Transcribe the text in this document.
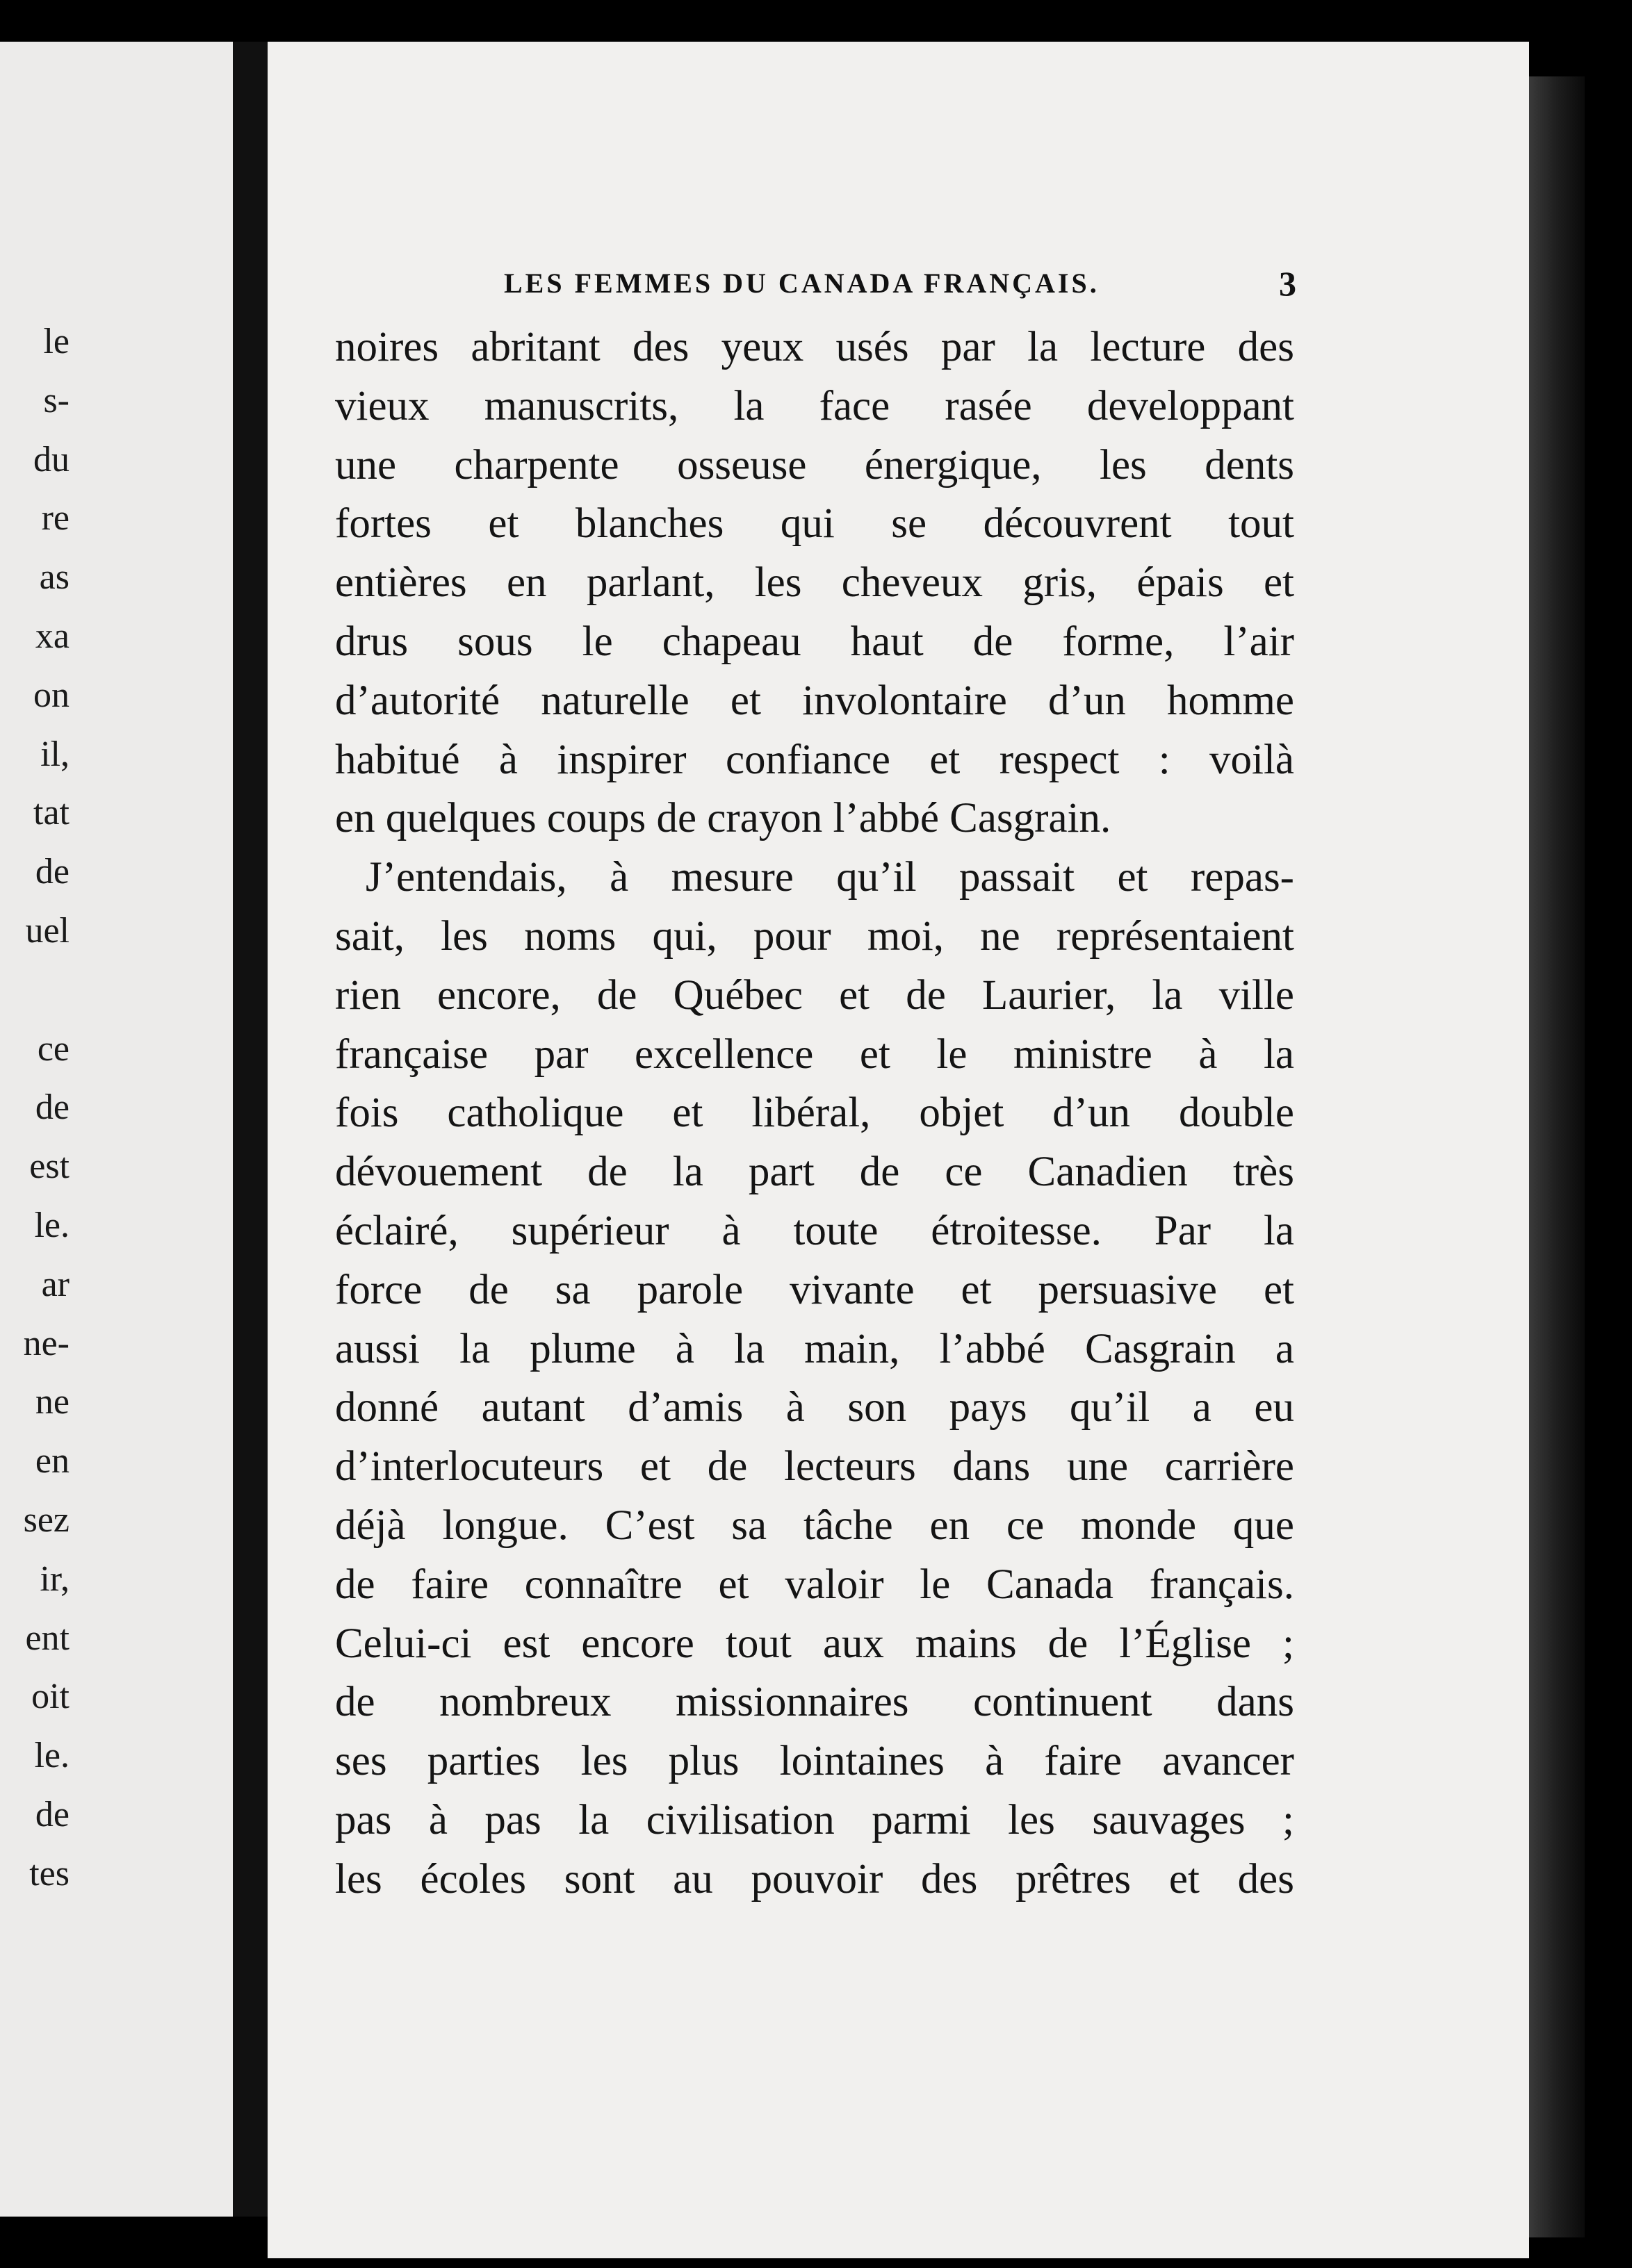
le
s-
du
re
as
xa
on
il,
tat
de
uel
ce
de
est
le.
ar
ne-
ne
en
sez
ir,
ent
oit
le.
de
tes
LES FEMMES DU CANADA FRANÇAIS.	3
noires abritant des yeux usés par la lecture des
vieux manuscrits, la face rasée developpant
une charpente osseuse énergique, les dents
fortes et blanches qui se découvrent tout
entières en parlant, les cheveux gris, épais et
drus sous le chapeau haut de forme, l’air
d’autorité naturelle et involontaire d’un homme
habitué à inspirer confiance et respect : voilà
en quelques coups de crayon l’abbé Casgrain.
J’entendais, à mesure qu’il passait et repas-
sait, les noms qui, pour moi, ne représentaient
rien encore, de Québec et de Laurier, la ville
française par excellence et le ministre à la
fois catholique et libéral, objet d’un double
dévouement de la part de ce Canadien très
éclairé, supérieur à toute étroitesse. Par la
force de sa parole vivante et persuasive et
aussi la plume à la main, l’abbé Casgrain a
donné autant d’amis à son pays qu’il a eu
d’interlocuteurs et de lecteurs dans une carrière
déjà longue. C’est sa tâche en ce monde que
de faire connaître et valoir le Canada français.
Celui-ci est encore tout aux mains de l’Église ;
de nombreux missionnaires continuent dans
ses parties les plus lointaines à faire avancer
pas à pas la civilisation parmi les sauvages ;
les écoles sont au pouvoir des prêtres et des
